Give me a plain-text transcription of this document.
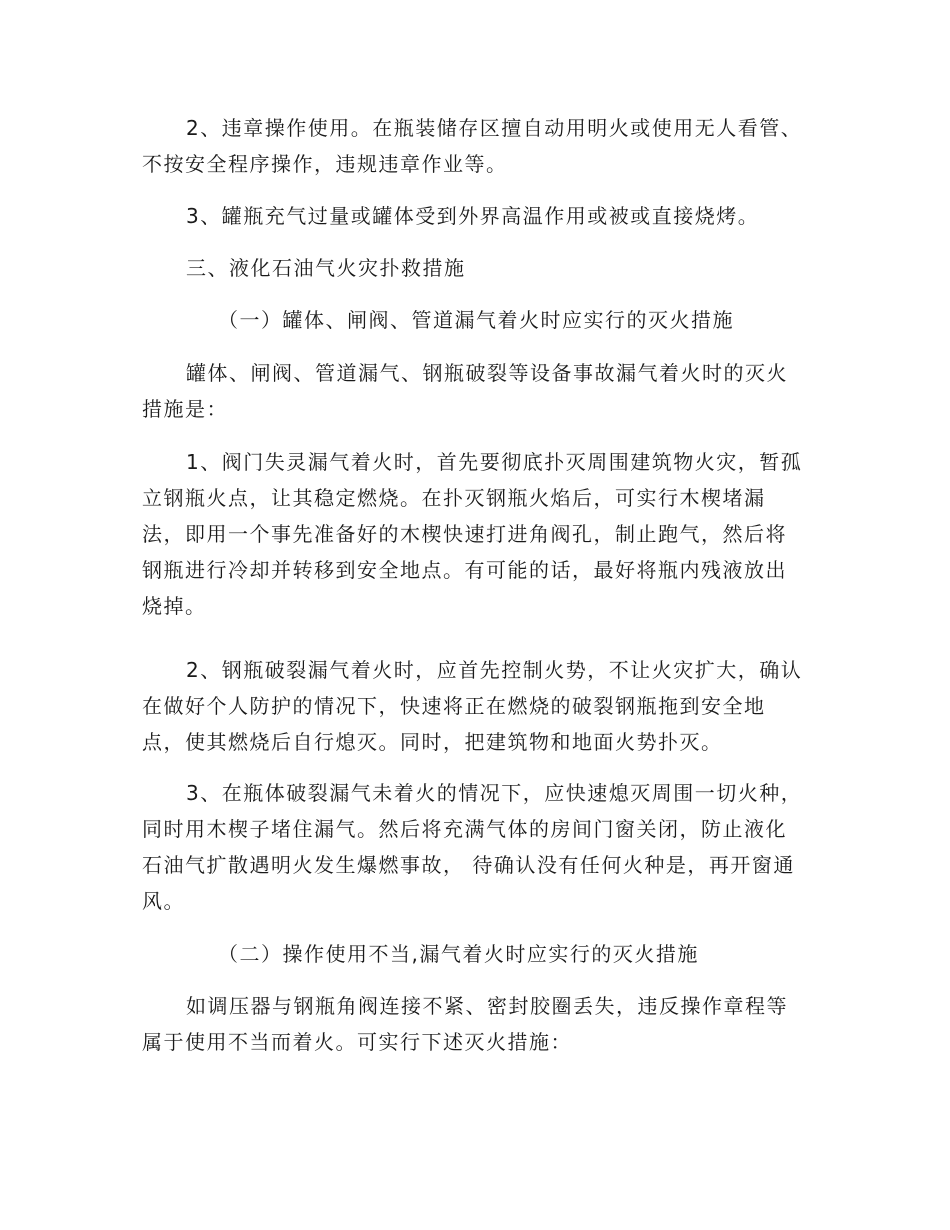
2、违章操作使用。在瓶装储存区擅自动用明火或使用无人看管、
不按安全程序操作，违规违章作业等。

3、罐瓶充气过量或罐体受到外界高温作用或被或直接烧烤。

三、液化石油气火灾扑救措施

（一）罐体、闸阀、管道漏气着火时应实行的灭火措施

罐体、闸阀、管道漏气、钢瓶破裂等设备事故漏气着火时的灭火
措施是：

1、阀门失灵漏气着火时，首先要彻底扑灭周围建筑物火灾，暂孤
立钢瓶火点，让其稳定燃烧。在扑灭钢瓶火焰后，可实行木楔堵漏
法，即用一个事先准备好的木楔快速打进角阀孔，制止跑气，然后将
钢瓶进行冷却并转移到安全地点。有可能的话，最好将瓶内残液放出
烧掉。

2、钢瓶破裂漏气着火时，应首先控制火势，不让火灾扩大，确认
在做好个人防护的情况下，快速将正在燃烧的破裂钢瓶拖到安全地
点，使其燃烧后自行熄灭。同时，把建筑物和地面火势扑灭。

3、在瓶体破裂漏气未着火的情况下，应快速熄灭周围一切火种，
同时用木楔子堵住漏气。然后将充满气体的房间门窗关闭，防止液化
石油气扩散遇明火发生爆燃事故， 待确认没有任何火种是，再开窗通
风。

（二）操作使用不当,漏气着火时应实行的灭火措施

如调压器与钢瓶角阀连接不紧、密封胶圈丢失，违反操作章程等
属于使用不当而着火。可实行下述灭火措施：
